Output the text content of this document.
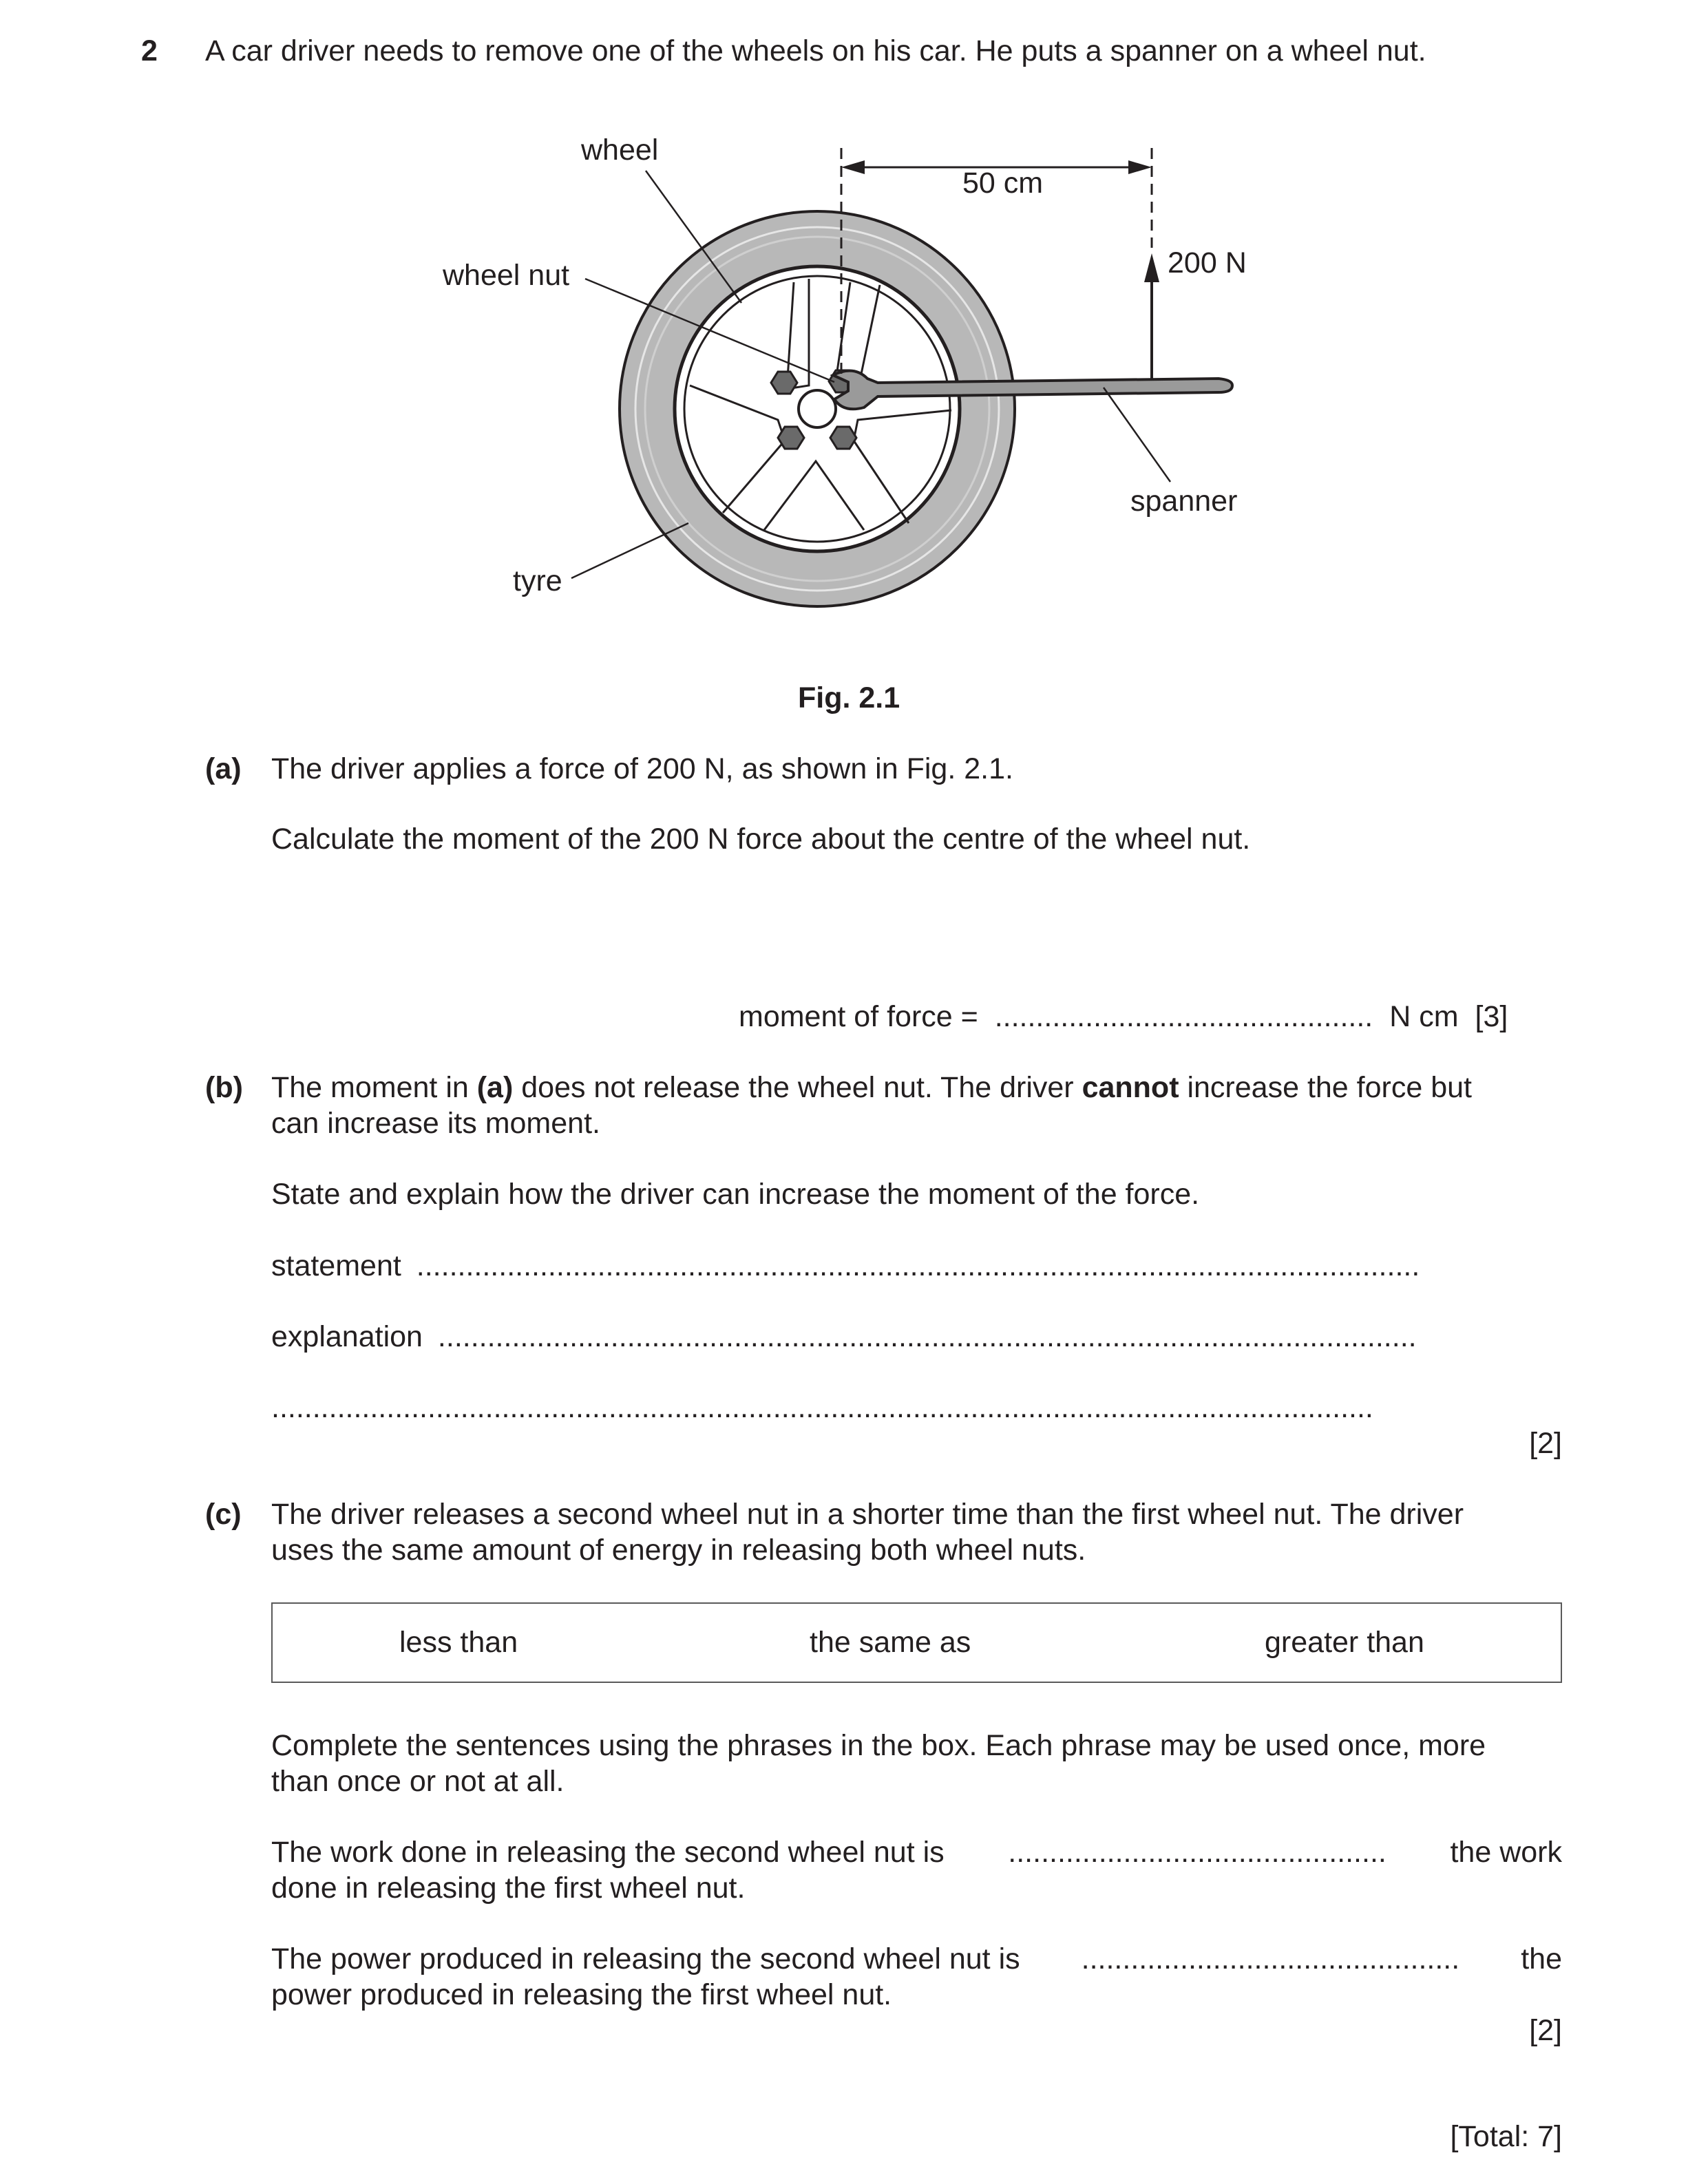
2 A car driver needs to remove one of the wheels on his car. He puts a spanner on a wheel nut.
wheel
wheel nut
tyre
spanner
50 cm
200 N
Fig. 2.1
(a) The driver applies a force of 200 N, as shown in Fig. 2.1.
Calculate the moment of the 200 N force about the centre of the wheel nut.
moment of force = .............................................. N cm [3]
(b) The moment in (a) does not release the wheel nut. The driver cannot increase the force but
can increase its moment.
State and explain how the driver can increase the moment of the force.
statement ..........................................................................................................................
explanation .......................................................................................................................
......................................................................................................................................
[2]
(c) The driver releases a second wheel nut in a shorter time than the first wheel nut. The driver
uses the same amount of energy in releasing both wheel nuts.
less than	the same as	greater than
Complete the sentences using the phrases in the box. Each phrase may be used once, more
than once or not at all.
The work done in releasing the second wheel nut is .............................................. the work
done in releasing the first wheel nut.
The power produced in releasing the second wheel nut is .............................................. the
power produced in releasing the first wheel nut.
[2]
[Total: 7]
